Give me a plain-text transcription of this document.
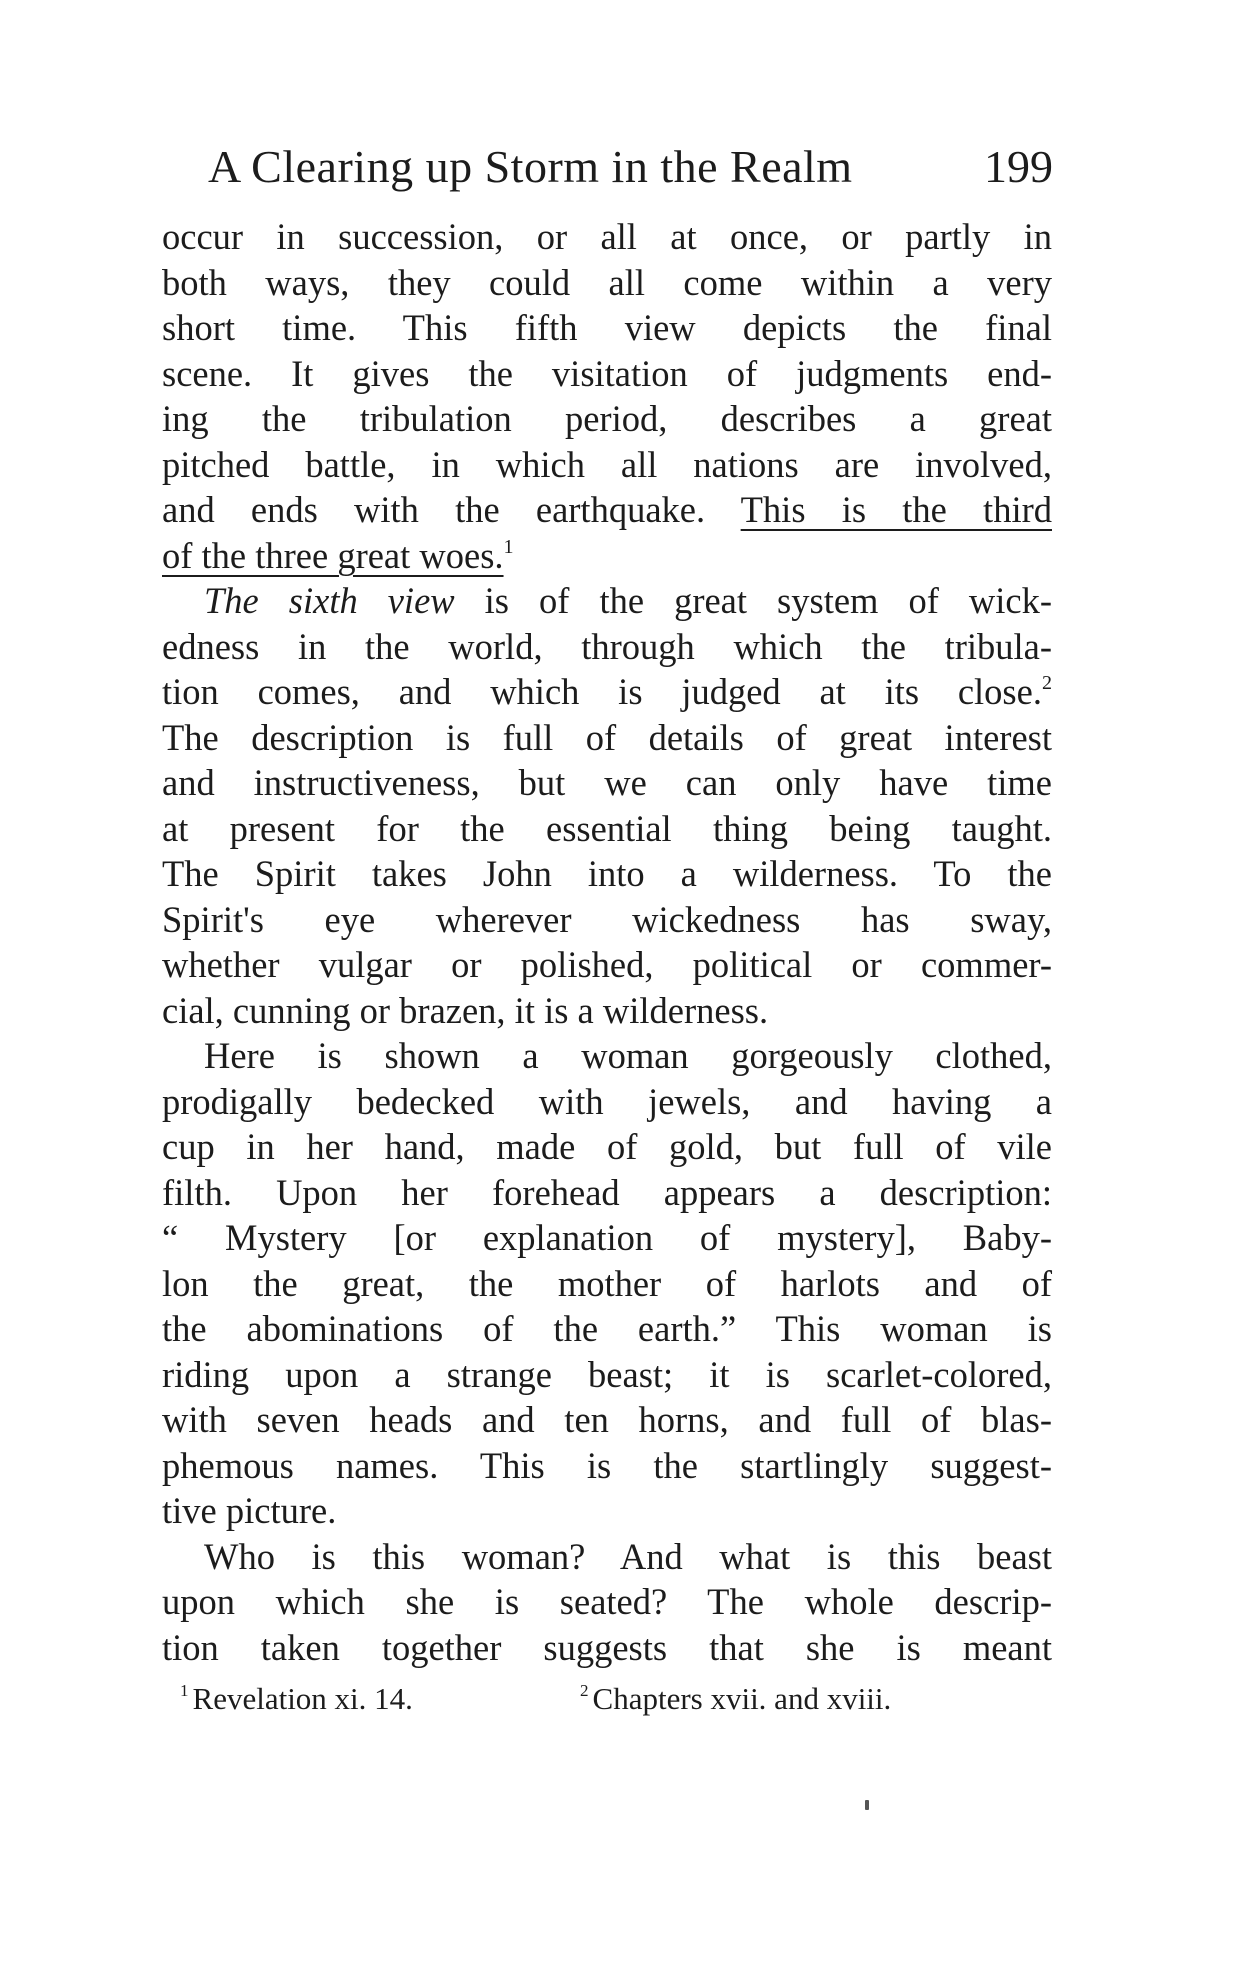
A Clearing up Storm in the Realm	199
occur in succession, or all at once, or partly in
both ways, they could all come within a very
short time. This fifth view depicts the final
scene. It gives the visitation of judgments end-
ing the tribulation period, describes a great
pitched battle, in which all nations are involved,
and ends with the earthquake. This is the third
of the three great woes.$^1$
The sixth view is of the great system of wick-
edness in the world, through which the tribula-
tion comes, and which is judged at its close.$^2$
The description is full of details of great interest
and instructiveness, but we can only have time
at present for the essential thing being taught.
The Spirit takes John into a wilderness. To the
Spirit's eye wherever wickedness has sway,
whether vulgar or polished, political or commer-
cial, cunning or brazen, it is a wilderness.
Here is shown a woman gorgeously clothed,
prodigally bedecked with jewels, and having a
cup in her hand, made of gold, but full of vile
filth. Upon her forehead appears a description:
“ Mystery [or explanation of mystery], Baby-
lon the great, the mother of harlots and of
the abominations of the earth.” This woman is
riding upon a strange beast; it is scarlet-colored,
with seven heads and ten horns, and full of blas-
phemous names. This is the startlingly suggest-
tive picture.
Who is this woman? And what is this beast
upon which she is seated? The whole descrip-
tion taken together suggests that she is meant
$^1$ Revelation xi. 14.	$^2$ Chapters xvii. and xviii.
